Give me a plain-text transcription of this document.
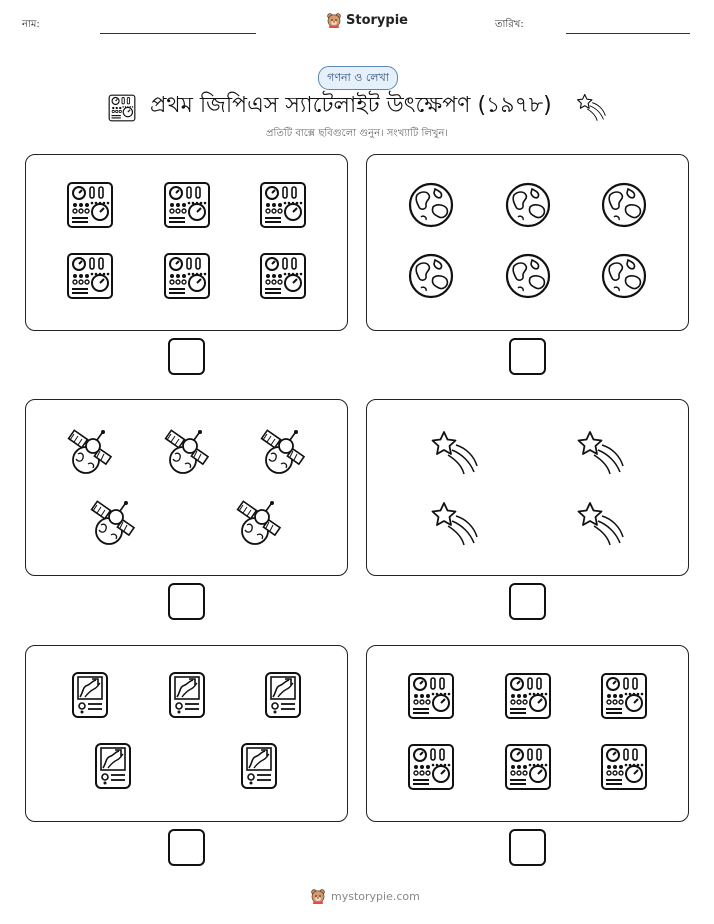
নাম:	Storypie	তারিখ:
গণনা ও লেখা
প্রথম জিপিএস স্যাটেলাইট উৎক্ষেপণ (১৯৭৮)
প্রতিটি বাক্সে ছবিগুলো গুনুন। সংখ্যাটি লিখুন।
mystorypie.com
